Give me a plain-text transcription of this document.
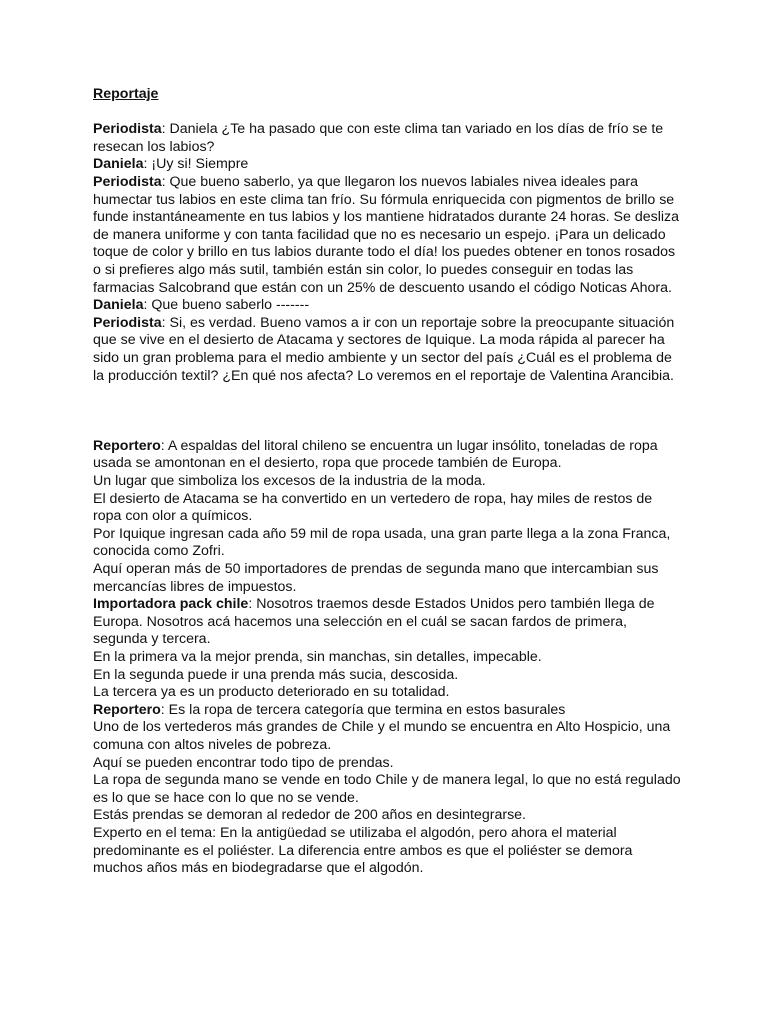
Reportaje

Periodista: Daniela ¿Te ha pasado que con este clima tan variado en los días de frío se te resecan los labios?

Daniela: ¡Uy si! Siempre

Periodista: Que bueno saberlo, ya que llegaron los nuevos labiales nivea ideales para humectar tus labios en este clima tan frío. Su fórmula enriquecida con pigmentos de brillo se funde instantáneamente en tus labios y los mantiene hidratados durante 24 horas. Se desliza de manera uniforme y con tanta facilidad que no es necesario un espejo. ¡Para un delicado toque de color y brillo en tus labios durante todo el día! los puedes obtener en tonos rosados o si prefieres algo más sutil, también están sin color, lo puedes conseguir en todas las farmacias Salcobrand que están con un 25% de descuento usando el código Noticas Ahora.

Daniela: Que bueno saberlo -------

Periodista: Si, es verdad. Bueno vamos a ir con un reportaje sobre la preocupante situación que se vive en el desierto de Atacama y sectores de Iquique. La moda rápida al parecer ha sido un gran problema para el medio ambiente y un sector del país ¿Cuál es el problema de la producción textil? ¿En qué nos afecta? Lo veremos en el reportaje de Valentina Arancibia.

Reportero: A espaldas del litoral chileno se encuentra un lugar insólito, toneladas de ropa usada se amontonan en el desierto, ropa que procede también de Europa.

Un lugar que simboliza los excesos de la industria de la moda.

El desierto de Atacama se ha convertido en un vertedero de ropa, hay miles de restos de ropa con olor a químicos.

Por Iquique ingresan cada año 59 mil de ropa usada, una gran parte llega a la zona Franca, conocida como Zofri.

Aquí operan más de 50 importadores de prendas de segunda mano que intercambian sus mercancías libres de impuestos.

Importadora pack chile: Nosotros traemos desde Estados Unidos pero también llega de Europa. Nosotros acá hacemos una selección en el cuál se sacan fardos de primera, segunda y tercera.

En la primera va la mejor prenda, sin manchas, sin detalles, impecable.

En la segunda puede ir una prenda más sucia, descosida.

La tercera ya es un producto deteriorado en su totalidad.

Reportero: Es la ropa de tercera categoría que termina en estos basurales

Uno de los vertederos más grandes de Chile y el mundo se encuentra en Alto Hospicio, una comuna con altos niveles de pobreza.

Aquí se pueden encontrar todo tipo de prendas.

La ropa de segunda mano se vende en todo Chile y de manera legal, lo que no está regulado es lo que se hace con lo que no se vende.

Estás prendas se demoran al rededor de 200 años en desintegrarse.

Experto en el tema: En la antigüedad se utilizaba el algodón, pero ahora el material predominante es el poliéster. La diferencia entre ambos es que el poliéster se demora muchos años más en biodegradarse que el algodón.
